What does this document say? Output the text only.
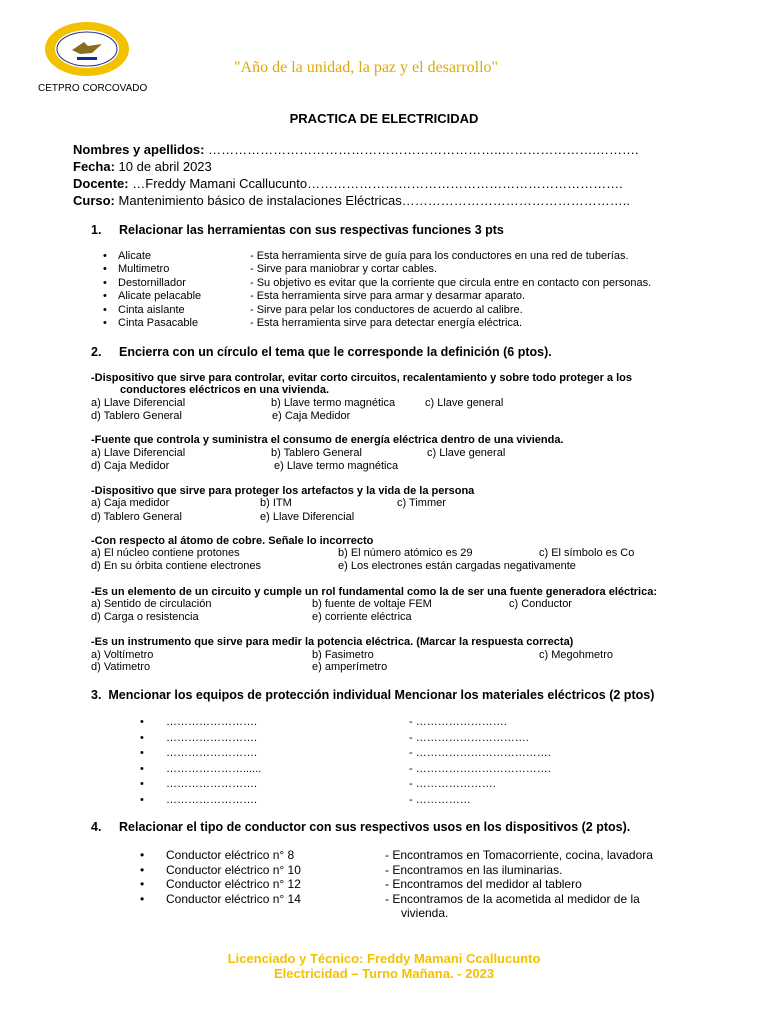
CETPRO CORCOVADO
"Año de la unidad, la paz y el desarrollo"
PRACTICA DE ELECTRICIDAD
Nombres y apellidos: …………………………………………………………..………………….……….
Fecha: 10 de abril 2023
Docente: …Freddy Mamani Ccallucunto……………………………………………………………….
Curso: Mantenimiento básico de instalaciones Eléctricas……………………………………………..
1. Relacionar las herramientas con sus respectivas funciones 3 pts
• Alicate	- Esta herramienta sirve de guía para los conductores en una red de tuberías.
• Multimetro	- Sirve para maniobrar y cortar cables.
• Destornillador	- Su objetivo es evitar que la corriente que circula entre en contacto con personas.
• Alicate pelacable	- Esta herramienta sirve para armar y desarmar aparato.
• Cinta aislante	- Sirve para pelar los conductores de acuerdo al calibre.
• Cinta Pasacable	- Esta herramienta sirve para detectar energía eléctrica.
2. Encierra con un círculo el tema que le corresponde la definición (6 ptos).
-Dispositivo que sirve para controlar, evitar corto circuitos, recalentamiento y sobre todo proteger a los
conductores eléctricos en una vivienda.
a) Llave Diferencial	b) Llave termo magnética	c) Llave general
d) Tablero General	e) Caja Medidor
-Fuente que controla y suministra el consumo de energía eléctrica dentro de una vivienda.
a) Llave Diferencial	b) Tablero General	c) Llave general
d) Caja Medidor	e) Llave termo magnética
-Dispositivo que sirve para proteger los artefactos y la vida de la persona
a) Caja medidor	b) ITM	c) Timmer
d) Tablero General	e) Llave Diferencial
-Con respecto al átomo de cobre. Señale lo incorrecto
a) El núcleo contiene protones	b) El número atómico es 29	c) El símbolo es Co
d) En su órbita contiene electrones	e) Los electrones están cargadas negativamente
-Es un elemento de un circuito y cumple un rol fundamental como la de ser una fuente generadora eléctrica:
a) Sentido de circulación	b) fuente de voltaje FEM	c) Conductor
d) Carga o resistencia	e) corriente eléctrica
-Es un instrumento que sirve para medir la potencia eléctrica. (Marcar la respuesta correcta)
a) Voltímetro	b) Fasimetro	c) Megohmetro
d) Vatimetro	e) amperímetro
3. Mencionar los equipos de protección individual Mencionar los materiales eléctricos (2 ptos)
• …………………….	- …………………….
• …………………….	- ………………………….
• …………………….	- ……………………………….
• …………………......	- ……………………………….
• …………………….	- ………………….
• …………………….	- ……………
4. Relacionar el tipo de conductor con sus respectivos usos en los dispositivos (2 ptos).
• Conductor eléctrico n° 8	- Encontramos en Tomacorriente, cocina, lavadora
• Conductor eléctrico n° 10	- Encontramos en las iluminarias.
• Conductor eléctrico n° 12	- Encontramos del medidor al tablero
• Conductor eléctrico n° 14	- Encontramos de la acometida al medidor de la
vivienda.
Licenciado y Técnico: Freddy Mamani Ccallucunto
Electricidad – Turno Mañana. - 2023
